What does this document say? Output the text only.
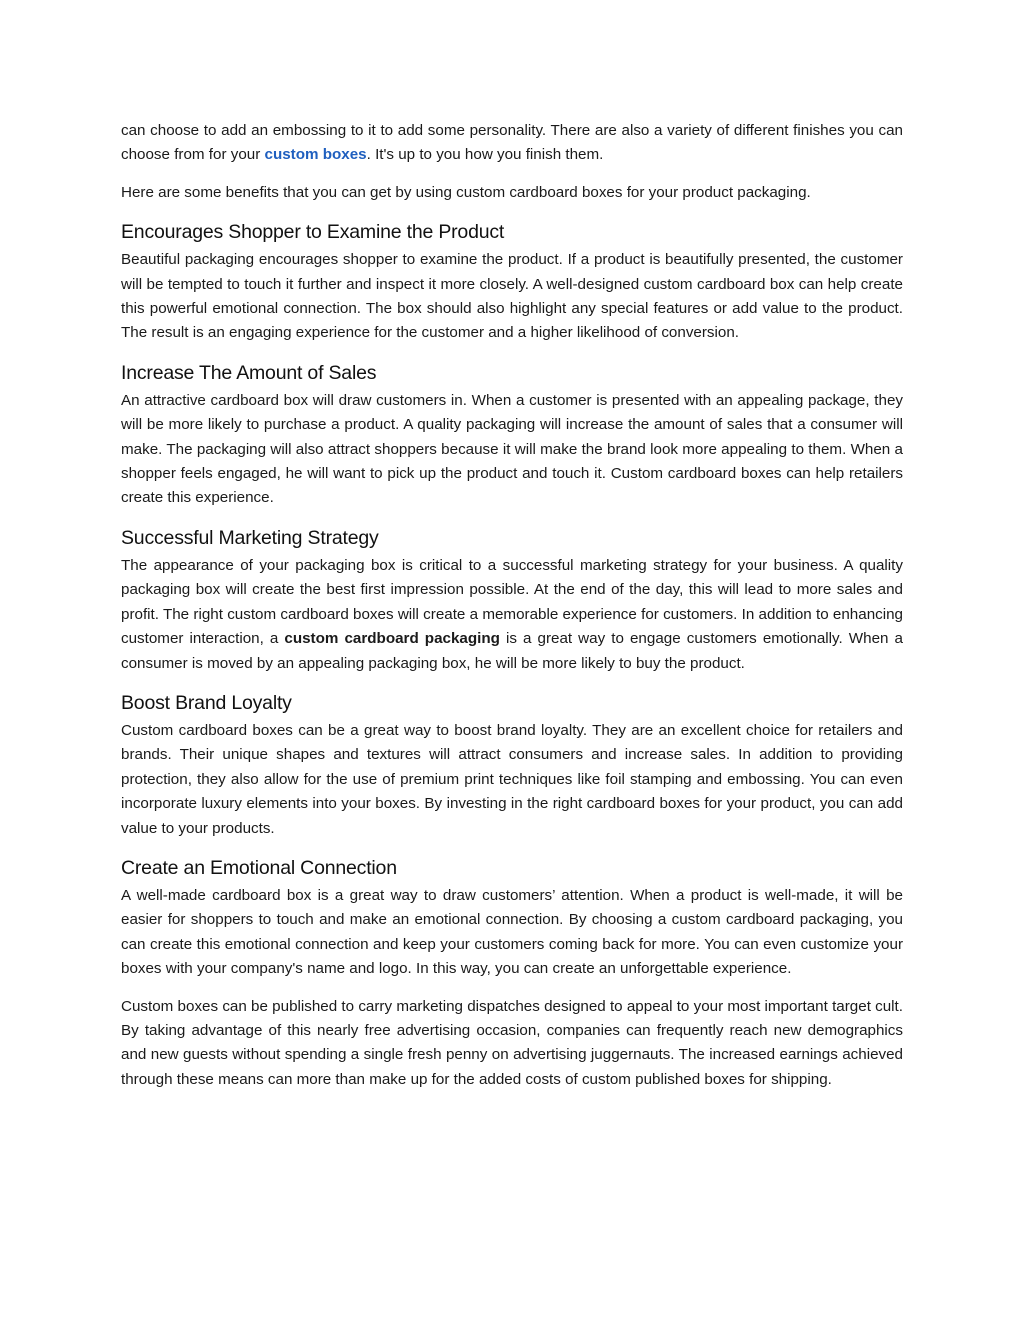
can choose to add an embossing to it to add some personality. There are also a variety of different finishes you can choose from for your custom boxes. It's up to you how you finish them.

Here are some benefits that you can get by using custom cardboard boxes for your product packaging.

Encourages Shopper to Examine the Product

Beautiful packaging encourages shopper to examine the product. If a product is beautifully presented, the customer will be tempted to touch it further and inspect it more closely. A well-designed custom cardboard box can help create this powerful emotional connection. The box should also highlight any special features or add value to the product. The result is an engaging experience for the customer and a higher likelihood of conversion.

Increase The Amount of Sales

An attractive cardboard box will draw customers in. When a customer is presented with an appealing package, they will be more likely to purchase a product. A quality packaging will increase the amount of sales that a consumer will make. The packaging will also attract shoppers because it will make the brand look more appealing to them. When a shopper feels engaged, he will want to pick up the product and touch it. Custom cardboard boxes can help retailers create this experience.

Successful Marketing Strategy

The appearance of your packaging box is critical to a successful marketing strategy for your business. A quality packaging box will create the best first impression possible. At the end of the day, this will lead to more sales and profit. The right custom cardboard boxes will create a memorable experience for customers. In addition to enhancing customer interaction, a custom cardboard packaging is a great way to engage customers emotionally. When a consumer is moved by an appealing packaging box, he will be more likely to buy the product.

Boost Brand Loyalty

Custom cardboard boxes can be a great way to boost brand loyalty. They are an excellent choice for retailers and brands. Their unique shapes and textures will attract consumers and increase sales. In addition to providing protection, they also allow for the use of premium print techniques like foil stamping and embossing. You can even incorporate luxury elements into your boxes. By investing in the right cardboard boxes for your product, you can add value to your products.

Create an Emotional Connection

A well-made cardboard box is a great way to draw customers’ attention. When a product is well-made, it will be easier for shoppers to touch and make an emotional connection. By choosing a custom cardboard packaging, you can create this emotional connection and keep your customers coming back for more. You can even customize your boxes with your company's name and logo. In this way, you can create an unforgettable experience.

Custom boxes can be published to carry marketing dispatches designed to appeal to your most important target cult. By taking advantage of this nearly free advertising occasion, companies can frequently reach new demographics and new guests without spending a single fresh penny on advertising juggernauts. The increased earnings achieved through these means can more than make up for the added costs of custom published boxes for shipping.
